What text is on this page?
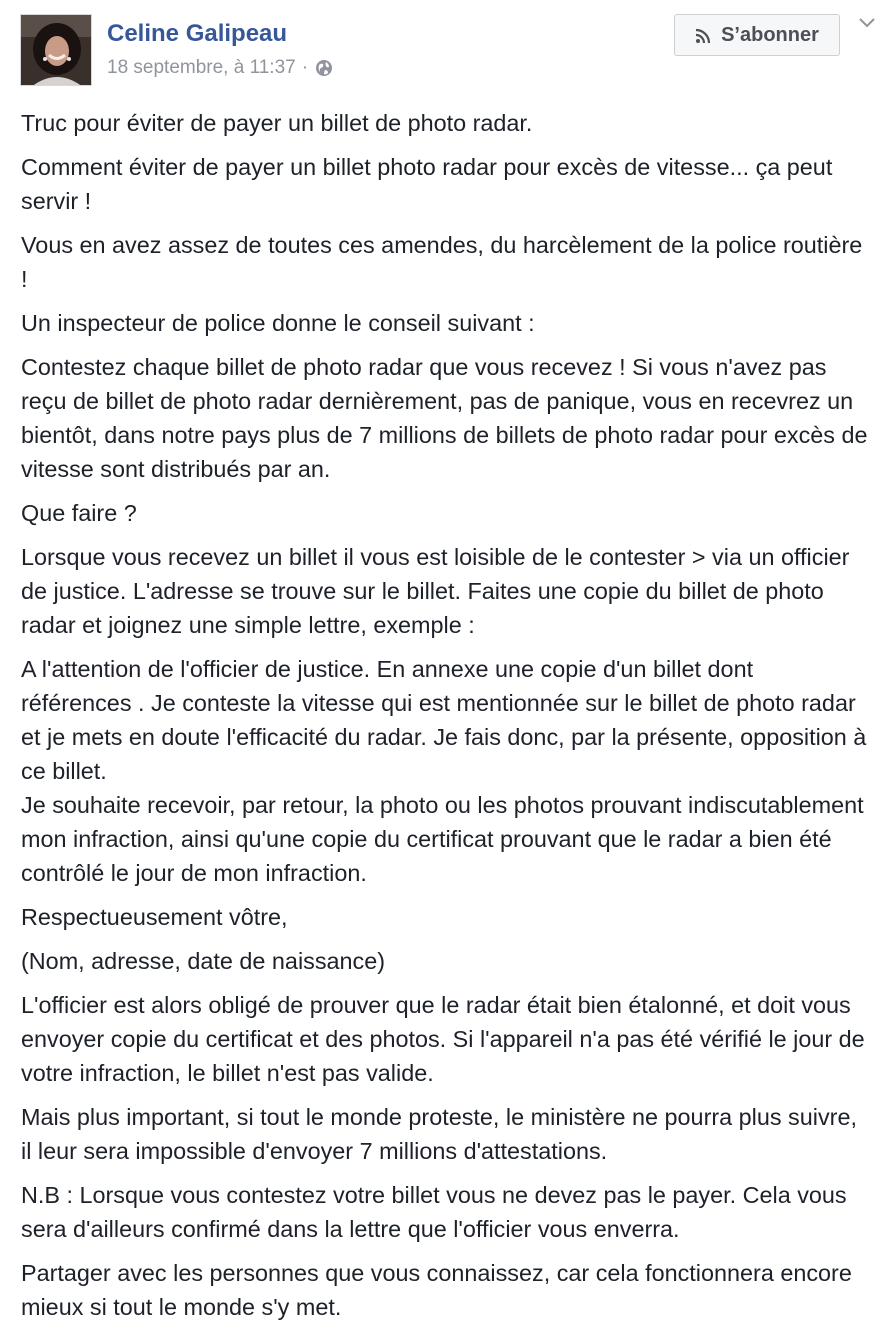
Celine Galipeau
18 septembre, à 11:37 ·
S’abonner

Truc pour éviter de payer un billet de photo radar.

Comment éviter de payer un billet photo radar pour excès de vitesse... ça peut servir !

Vous en avez assez de toutes ces amendes, du harcèlement de la police routière !

Un inspecteur de police donne le conseil suivant :

Contestez chaque billet de photo radar que vous recevez ! Si vous n'avez pas reçu de billet de photo radar dernièrement, pas de panique, vous en recevrez un bientôt, dans notre pays plus de 7 millions de billets de photo radar pour excès de vitesse sont distribués par an.

Que faire ?

Lorsque vous recevez un billet il vous est loisible de le contester > via un officier de justice. L'adresse se trouve sur le billet. Faites une copie du billet de photo radar et joignez une simple lettre, exemple :

A l'attention de l'officier de justice. En annexe une copie d'un billet dont références . Je conteste la vitesse qui est mentionnée sur le billet de photo radar et je mets en doute l'efficacité du radar. Je fais donc, par la présente, opposition à ce billet.
Je souhaite recevoir, par retour, la photo ou les photos prouvant indiscutablement mon infraction, ainsi qu'une copie du certificat prouvant que le radar a bien été contrôlé le jour de mon infraction.

Respectueusement vôtre,

(Nom, adresse, date de naissance)

L'officier est alors obligé de prouver que le radar était bien étalonné, et doit vous envoyer copie du certificat et des photos. Si l'appareil n'a pas été vérifié le jour de votre infraction, le billet n'est pas valide.

Mais plus important, si tout le monde proteste, le ministère ne pourra plus suivre, il leur sera impossible d'envoyer 7 millions d'attestations.

N.B : Lorsque vous contestez votre billet vous ne devez pas le payer. Cela vous sera d'ailleurs confirmé dans la lettre que l'officier vous enverra.

Partager avec les personnes que vous connaissez, car cela fonctionnera encore mieux si tout le monde s'y met.
